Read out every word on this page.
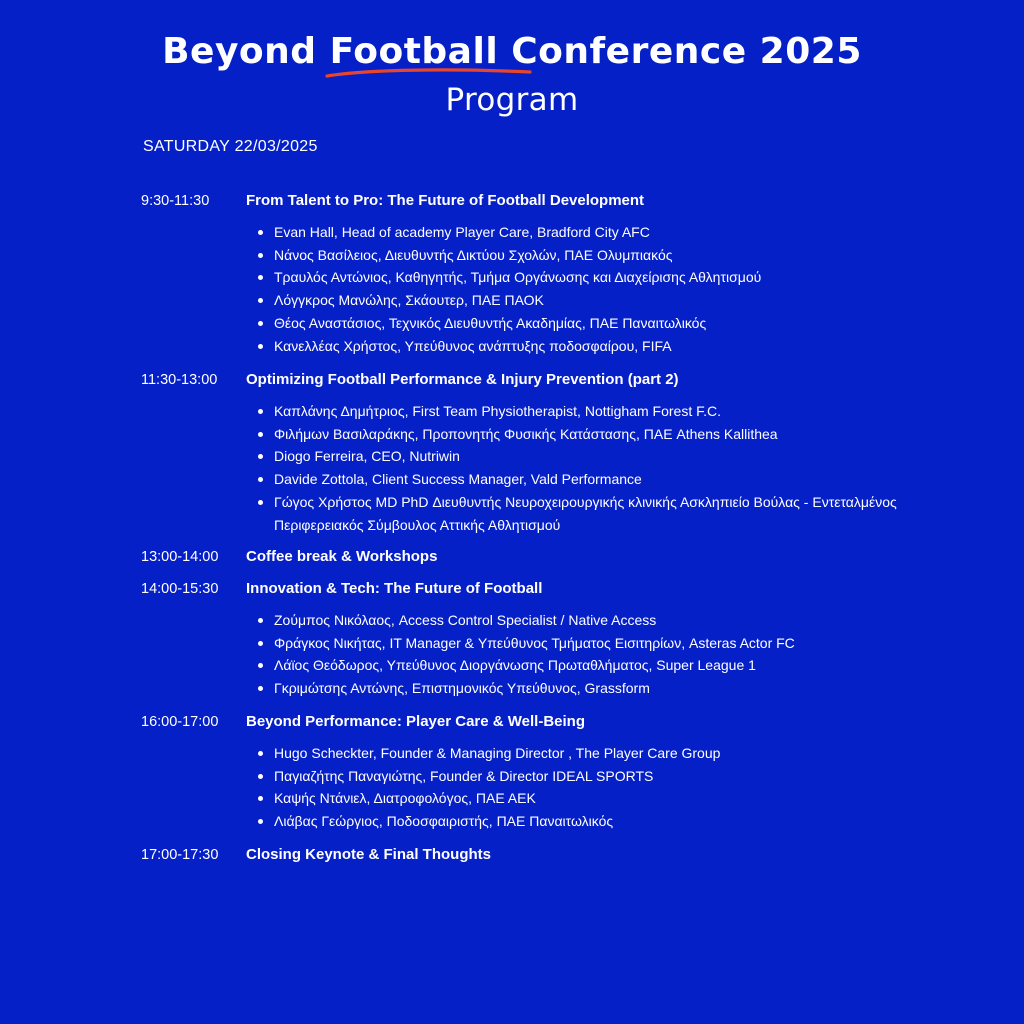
Beyond Football Conference 2025
Program
SATURDAY 22/03/2025
9:30-11:30	From Talent to Pro: The Future of Football Development
Evan Hall, Head of academy Player Care, Bradford City AFC
Νάνος Βασίλειος, Διευθυντής Δικτύου Σχολών, ΠΑΕ Ολυμπιακός
Τραυλός Αντώνιος, Καθηγητής, Τμήμα Οργάνωσης και Διαχείρισης Αθλητισμού
Λόγγκρος Μανώλης, Σκάουτερ, ΠΑΕ ΠΑΟΚ
Θέος Αναστάσιος, Τεχνικός Διευθυντής Ακαδημίας, ΠΑΕ Παναιτωλικός
Κανελλέας Χρήστος, Υπεύθυνος ανάπτυξης ποδοσφαίρου, FIFA
11:30-13:00	Optimizing Football Performance & Injury Prevention (part 2)
Καπλάνης Δημήτριος, First Team Physiotherapist, Nottigham Forest F.C.
Φιλήμων Βασιλαράκης, Προπονητής Φυσικής Κατάστασης, ΠΑΕ Athens Kallithea
Diogo Ferreira, CEO, Nutriwin
Davide Zottola, Client Success Manager, Vald Performance
Γώγος Χρήστος MD PhD Διευθυντής Νευροχειρουργικής κλινικής Ασκληπιείο Βούλας - Εντεταλμένος Περιφερειακός Σύμβουλος Αττικής Αθλητισμού
13:00-14:00	Coffee break & Workshops
14:00-15:30	Innovation & Tech: The Future of Football
Ζούμπος Νικόλαος, Access Control Specialist / Native Access
Φράγκος Νικήτας, IT Manager & Υπεύθυνος Τμήματος Εισιτηρίων, Asteras Actor FC
Λάϊος Θεόδωρος, Υπεύθυνος Διοργάνωσης Πρωταθλήματος, Super League 1
Γκριμώτσης Αντώνης, Επιστημονικός Υπεύθυνος, Grassform
16:00-17:00	Beyond Performance: Player Care & Well-Being
Hugo Scheckter, Founder & Managing Director , The Player Care Group
Παγιαζήτης Παναγιώτης, Founder & Director IDEAL SPORTS
Καψής Ντάνιελ, Διατροφολόγος, ΠΑΕ ΑΕΚ
Λιάβας Γεώργιος, Ποδοσφαιριστής, ΠΑΕ Παναιτωλικός
17:00-17:30	Closing Keynote & Final Thoughts
